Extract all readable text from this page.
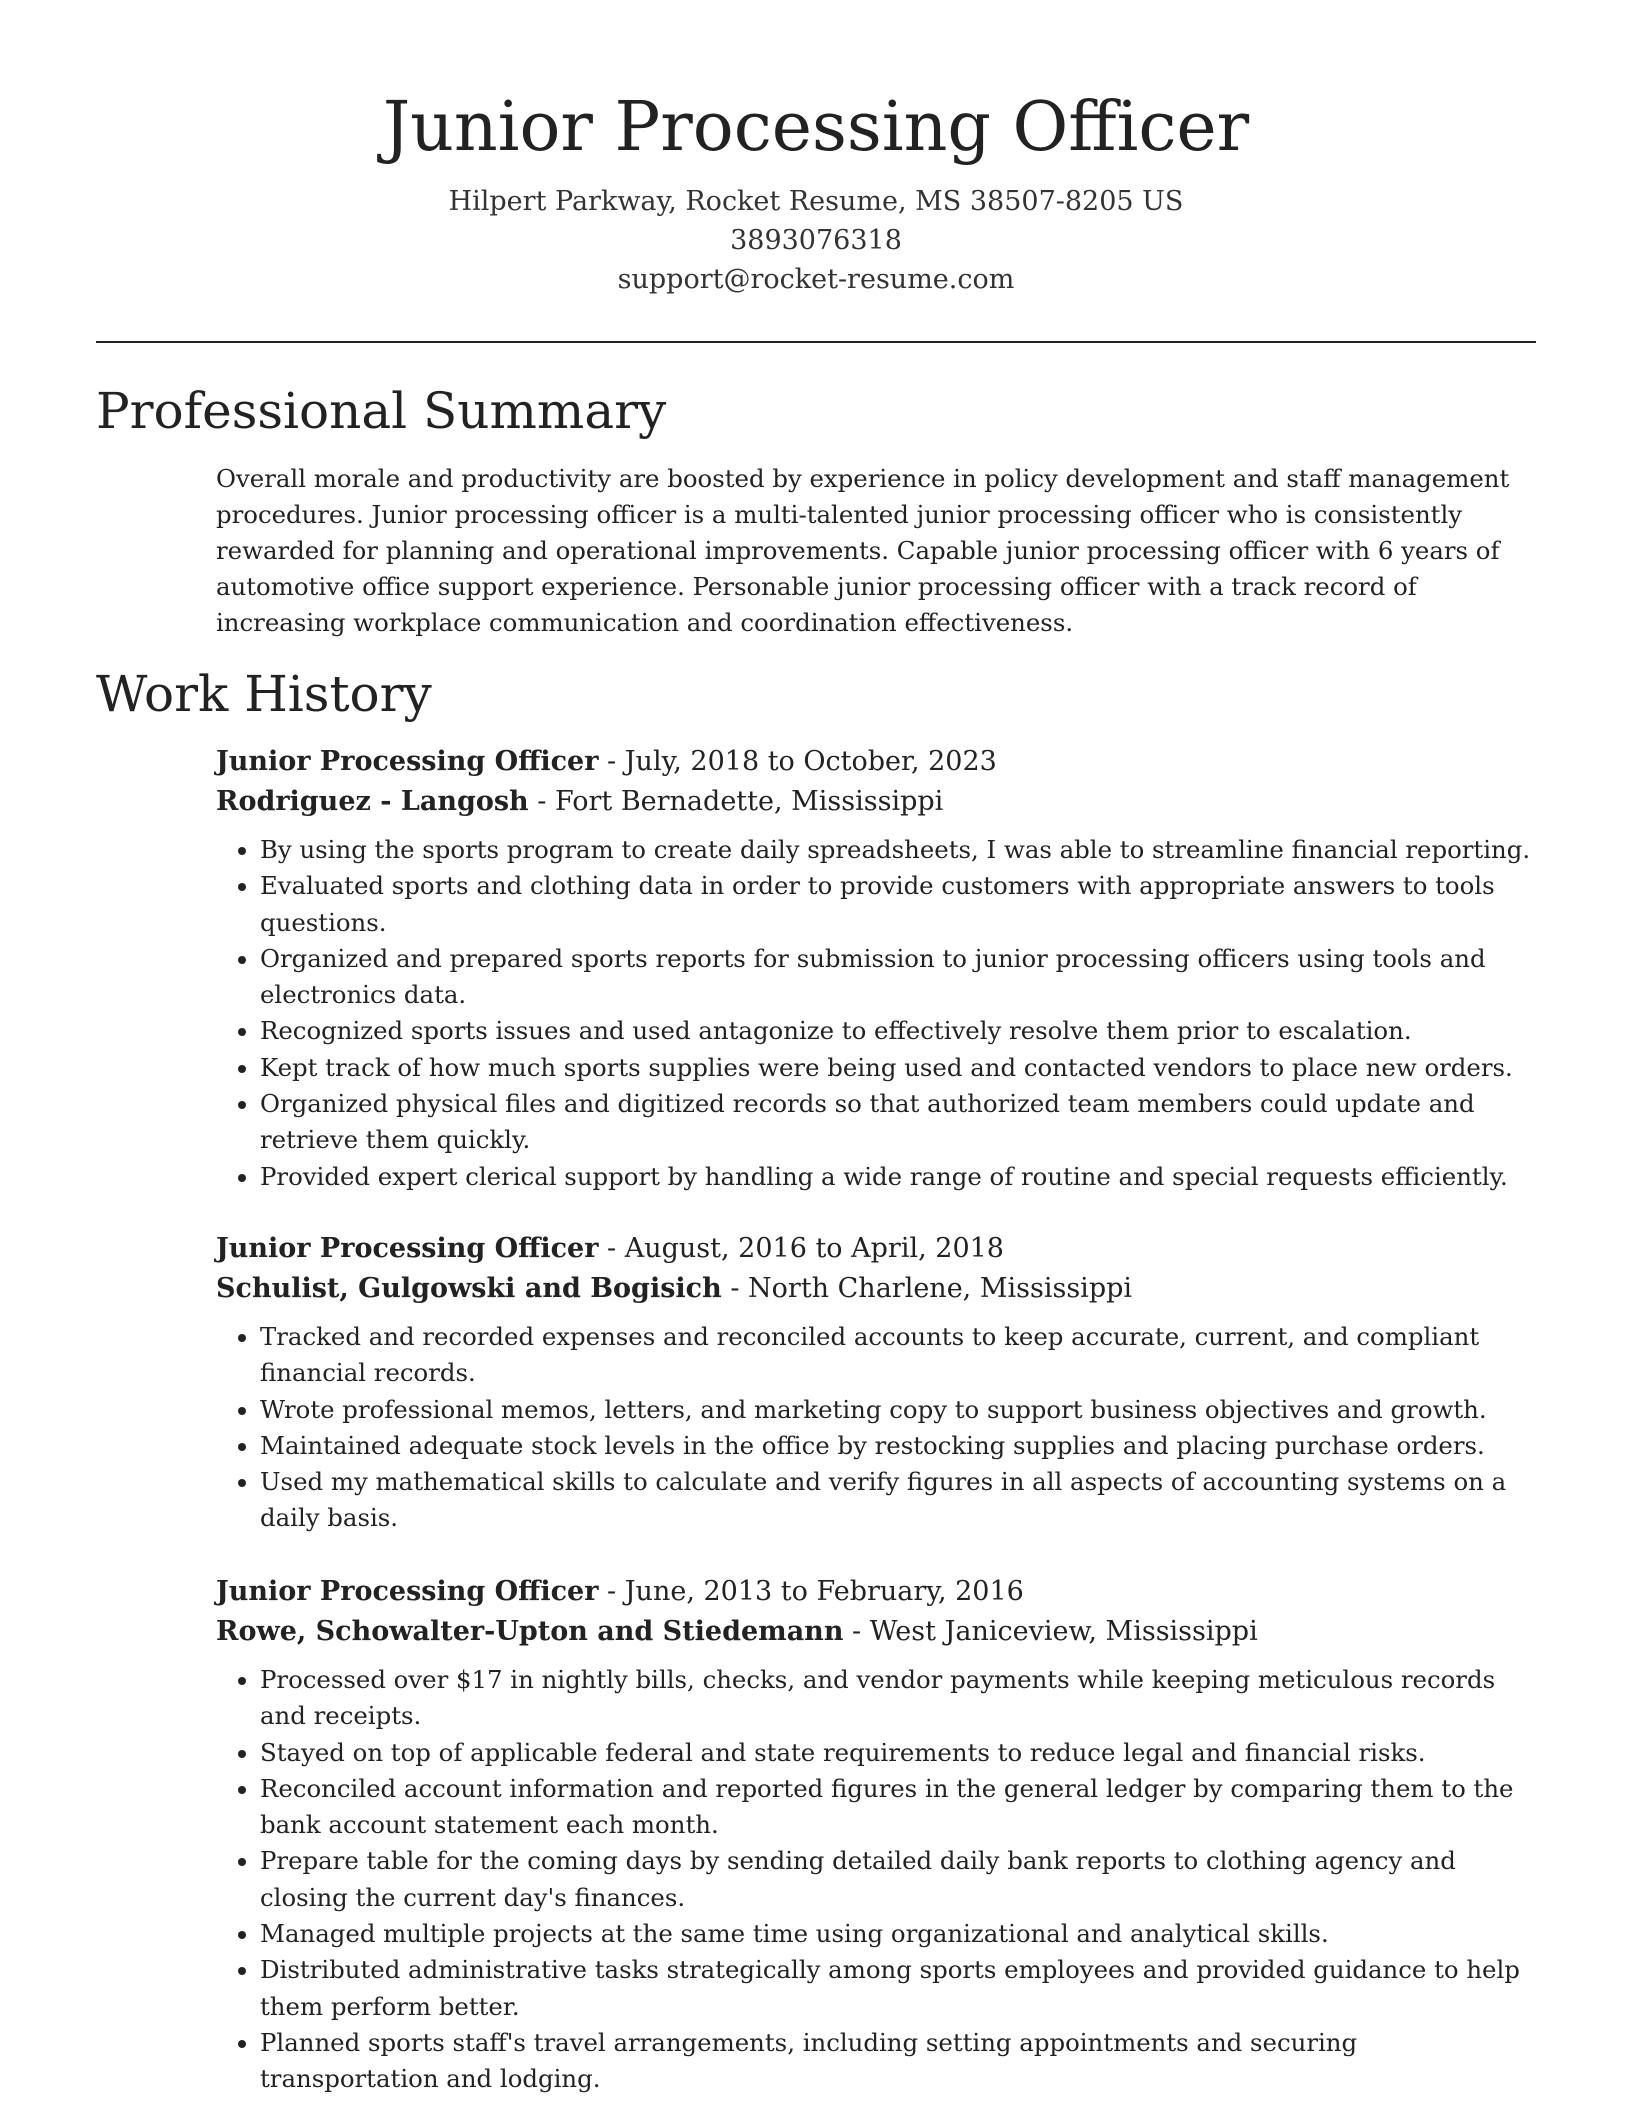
Junior Processing Officer
Hilpert Parkway, Rocket Resume, MS 38507-8205 US
3893076318
support@rocket-resume.com
Professional Summary

Overall morale and productivity are boosted by experience in policy development and staff management procedures. Junior processing officer is a multi-talented junior processing officer who is consistently rewarded for planning and operational improvements. Capable junior processing officer with 6 years of automotive office support experience. Personable junior processing officer with a track record of increasing workplace communication and coordination effectiveness.

Work History
Junior Processing Officer - July, 2018 to October, 2023
Rodriguez - Langosh - Fort Bernadette, Mississippi
• By using the sports program to create daily spreadsheets, I was able to streamline financial reporting.
• Evaluated sports and clothing data in order to provide customers with appropriate answers to tools questions.
• Organized and prepared sports reports for submission to junior processing officers using tools and electronics data.
• Recognized sports issues and used antagonize to effectively resolve them prior to escalation.
• Kept track of how much sports supplies were being used and contacted vendors to place new orders.
• Organized physical files and digitized records so that authorized team members could update and retrieve them quickly.
• Provided expert clerical support by handling a wide range of routine and special requests efficiently.
Junior Processing Officer - August, 2016 to April, 2018
Schulist, Gulgowski and Bogisich - North Charlene, Mississippi
• Tracked and recorded expenses and reconciled accounts to keep accurate, current, and compliant financial records.
• Wrote professional memos, letters, and marketing copy to support business objectives and growth.
• Maintained adequate stock levels in the office by restocking supplies and placing purchase orders.
• Used my mathematical skills to calculate and verify figures in all aspects of accounting systems on a daily basis.
Junior Processing Officer - June, 2013 to February, 2016
Rowe, Schowalter-Upton and Stiedemann - West Janiceview, Mississippi
• Processed over $17 in nightly bills, checks, and vendor payments while keeping meticulous records and receipts.
• Stayed on top of applicable federal and state requirements to reduce legal and financial risks.
• Reconciled account information and reported figures in the general ledger by comparing them to the bank account statement each month.
• Prepare table for the coming days by sending detailed daily bank reports to clothing agency and closing the current day's finances.
• Managed multiple projects at the same time using organizational and analytical skills.
• Distributed administrative tasks strategically among sports employees and provided guidance to help them perform better.
• Planned sports staff's travel arrangements, including setting appointments and securing transportation and lodging.
